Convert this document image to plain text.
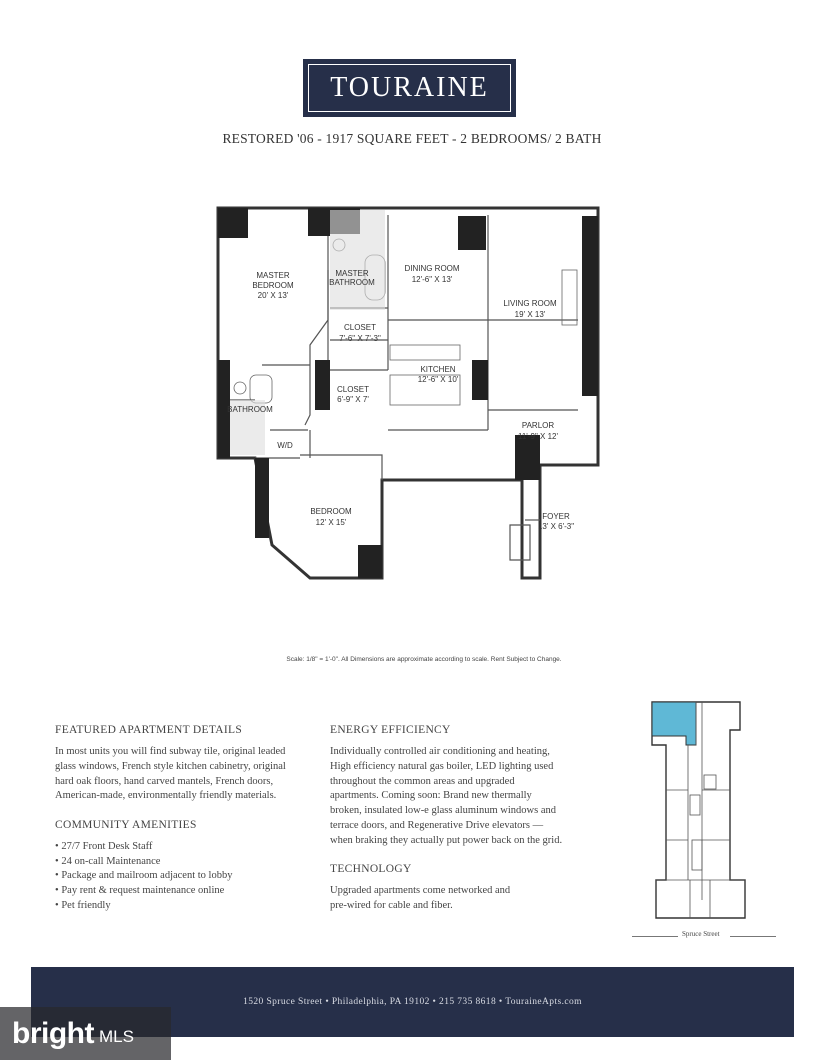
TOURAINE
RESTORED '06 - 1917 SQUARE FEET - 2 BEDROOMS/ 2 BATH
MASTER
BEDROOM
20' X 13'
MASTER
BATHROOM
DINING ROOM
12'-6" X 13'
LIVING ROOM
19' X 13'
CLOSET
7'-6" X 7'-3"
KITCHEN
12'-6" X 10'
CLOSET
6'-9" X 7'
BATHROOM
W/D
PARLOR
11'-9" X 12'
BEDROOM
12' X 15'
FOYER
13' X 6'-3"
Scale: 1/8" = 1'-0". All Dimensions are approximate according to scale. Rent Subject to Change.
FEATURED APARTMENT DETAILS
In most units you will find subway tile, original leaded
glass windows, French style kitchen cabinetry, original
hard oak floors, hand carved mantels, French doors,
American-made, environmentally friendly materials.
COMMUNITY AMENITIES
• 27/7 Front Desk Staff
• 24 on-call Maintenance
• Package and mailroom adjacent to lobby
• Pay rent & request maintenance online
• Pet friendly
ENERGY EFFICIENCY
Individually controlled air conditioning and heating,
High efficiency natural gas boiler, LED lighting used
throughout the common areas and upgraded
apartments. Coming soon: Brand new thermally
broken, insulated low-e glass aluminum windows and
terrace doors, and Regenerative Drive elevators —
when braking they actually put power back on the grid.
TECHNOLOGY
Upgraded apartments come networked and
pre-wired for cable and fiber.
Spruce Street
1520 Spruce Street • Philadelphia, PA 19102 • 215 735 8618 • TouraineApts.com
bright MLS
